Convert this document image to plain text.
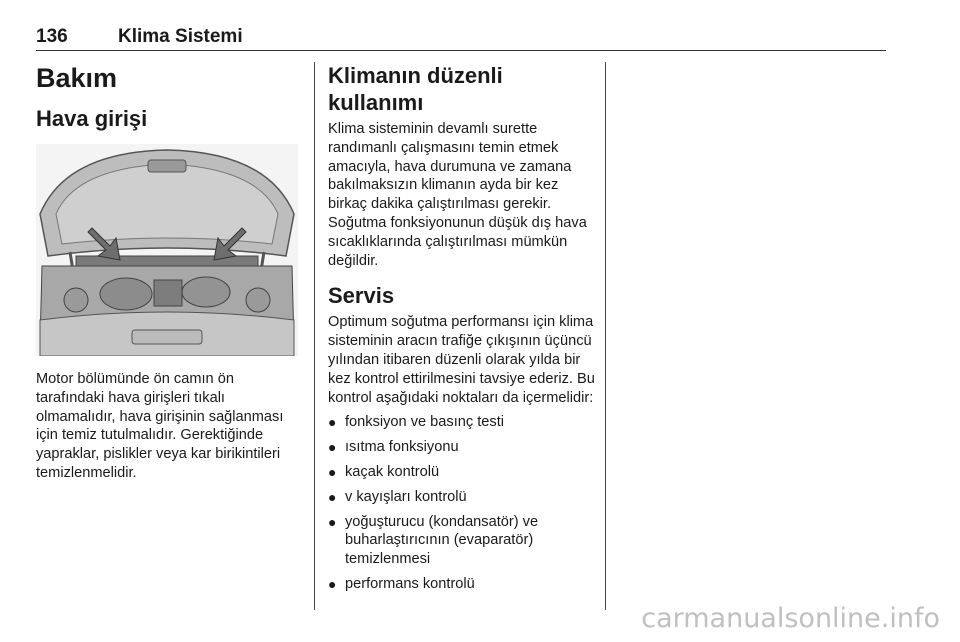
136	Klima Sistemi
Bakım
Hava girişi

Motor bölümünde ön camın ön tarafındaki hava girişleri tıkalı olmamalıdır, hava girişinin sağlanması için temiz tutulmalıdır. Gerektiğinde yapraklar, pislikler veya kar birikintileri temizlenmelidir.

Klimanın düzenli kullanımı

Klima sisteminin devamlı surette randımanlı çalışmasını temin etmek amacıyla, hava durumuna ve zamana bakılmaksızın klimanın ayda bir kez birkaç dakika çalıştırılması gerekir. Soğutma fonksiyonunun düşük dış hava sıcaklıklarında çalıştırılması mümkün değildir.

Servis

Optimum soğutma performansı için klima sisteminin aracın trafiğe çıkışının üçüncü yılından itibaren düzenli olarak yılda bir kez kontrol ettirilmesini tavsiye ederiz. Bu kontrol aşağıdaki noktaları da içermelidir:

● fonksiyon ve basınç testi
● ısıtma fonksiyonu
● kaçak kontrolü
● v kayışları kontrolü
● yoğuşturucu (kondansatör) ve buharlaştırıcının (evaparatör) temizlenmesi
● performans kontrolü
carmanualsonline.info
